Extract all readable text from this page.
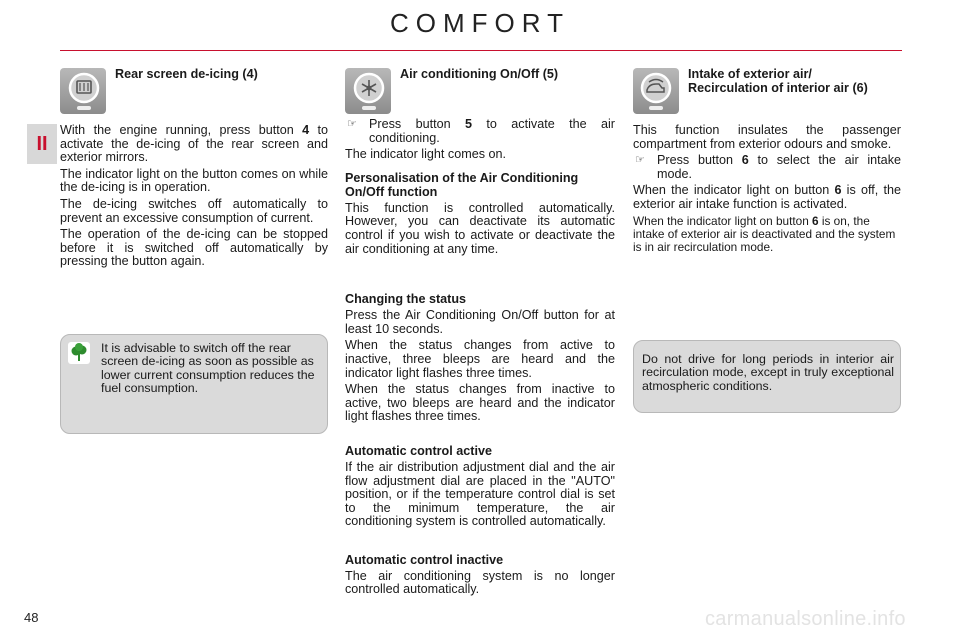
COMFORT
II
Rear screen de-icing (4)
With the engine running, press button 4 to activate the de-icing of the rear screen and exterior mirrors.
The indicator light on the button comes on while the de-icing is in operation.
The de-icing switches off automatically to prevent an excessive consumption of current.
The operation of the de-icing can be stopped before it is switched off automatically by pressing the button again.
It is advisable to switch off the rear screen de-icing as soon as possible as lower current consumption reduces the fuel consumption.
Air conditioning On/Off (5)
☞ Press button 5 to activate the air conditioning.
The indicator light comes on.
Personalisation of the Air Conditioning On/Off function
This function is controlled automatically. However, you can deactivate its automatic control if you wish to activate or deactivate the air conditioning at any time.
Changing the status
Press the Air Conditioning On/Off button for at least 10 seconds.
When the status changes from active to inactive, three bleeps are heard and the indicator light flashes three times.
When the status changes from inactive to active, two bleeps are heard and the indicator light flashes three times.
Automatic control active
If the air distribution adjustment dial and the air flow adjustment dial are placed in the "AUTO" position, or if the temperature control dial is set to the minimum temperature, the air conditioning system is controlled automatically.
Automatic control inactive
The air conditioning system is no longer controlled automatically.
Intake of exterior air/
Recirculation of interior air (6)
This function insulates the passenger compartment from exterior odours and smoke.
☞ Press button 6 to select the air intake mode.
When the indicator light on button 6 is off, the exterior air intake function is activated.
When the indicator light on button 6 is on, the intake of exterior air is deactivated and the system is in air recirculation mode.
Do not drive for long periods in interior air recirculation mode, except in truly exceptional atmospheric conditions.
48	carmanualsonline.info
